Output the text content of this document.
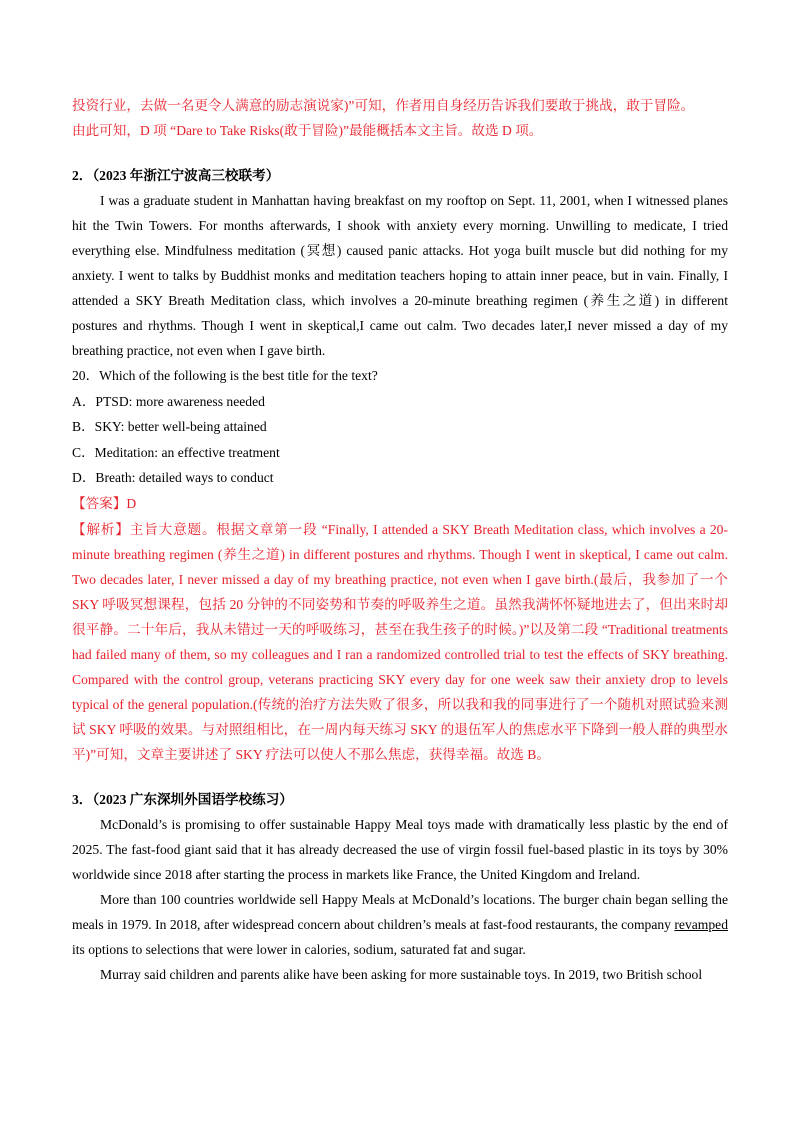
投资行业，去做一名更令人满意的励志演说家)”可知，作者用自身经历告诉我们要敢于挑战，敢于冒险。

由此可知，D 项 “Dare to Take Risks(敢于冒险)”最能概括本文主旨。故选 D 项。

2．（2023 年浙江宁波高三校联考）

I was a graduate student in Manhattan having breakfast on my rooftop on Sept. 11, 2001, when I witnessed planes hit the Twin Towers. For months afterwards, I shook with anxiety every morning. Unwilling to medicate, I tried everything else. Mindfulness meditation (冥想) caused panic attacks. Hot yoga built muscle but did nothing for my anxiety. I went to talks by Buddhist monks and meditation teachers hoping to attain inner peace, but in vain. Finally, I attended a SKY Breath Meditation class, which involves a 20-minute breathing regimen (养生之道) in different postures and rhythms. Though I went in skeptical,I came out calm. Two decades later,I never missed a day of my breathing practice, not even when I gave birth.

20．Which of the following is the best title for the text?

A．PTSD: more awareness needed

B．SKY: better well-being attained

C．Meditation: an effective treatment

D．Breath: detailed ways to conduct

【答案】D

【解析】主旨大意题。根据文章第一段 “Finally, I attended a SKY Breath Meditation class, which involves a 20-minute breathing regimen (养生之道) in different postures and rhythms. Though I went in skeptical, I came out calm. Two decades later, I never missed a day of my breathing practice, not even when I gave birth.(最后，我参加了一个 SKY 呼吸冥想课程，包括 20 分钟的不同姿势和节奏的呼吸养生之道。虽然我满怀怀疑地进去了，但出来时却很平静。二十年后，我从未错过一天的呼吸练习，甚至在我生孩子的时候。)”以及第二段 “Traditional treatments had failed many of them, so my colleagues and I ran a randomized controlled trial to test the effects of SKY breathing. Compared with the control group, veterans practicing SKY every day for one week saw their anxiety drop to levels typical of the general population.(传统的治疗方法失败了很多，所以我和我的同事进行了一个随机对照试验来测试 SKY 呼吸的效果。与对照组相比，在一周内每天练习 SKY 的退伍军人的焦虑水平下降到一般人群的典型水平)”可知，文章主要讲述了 SKY 疗法可以使人不那么焦虑，获得幸福。故选 B。

3．（2023 广东深圳外国语学校练习）

McDonald’s is promising to offer sustainable Happy Meal toys made with dramatically less plastic by the end of 2025. The fast-food giant said that it has already decreased the use of virgin fossil fuel-based plastic in its toys by 30% worldwide since 2018 after starting the process in markets like France, the United Kingdom and Ireland.

More than 100 countries worldwide sell Happy Meals at McDonald’s locations. The burger chain began selling the meals in 1979. In 2018, after widespread concern about children’s meals at fast-food restaurants, the company revamped its options to selections that were lower in calories, sodium, saturated fat and sugar.

Murray said children and parents alike have been asking for more sustainable toys. In 2019, two British school
